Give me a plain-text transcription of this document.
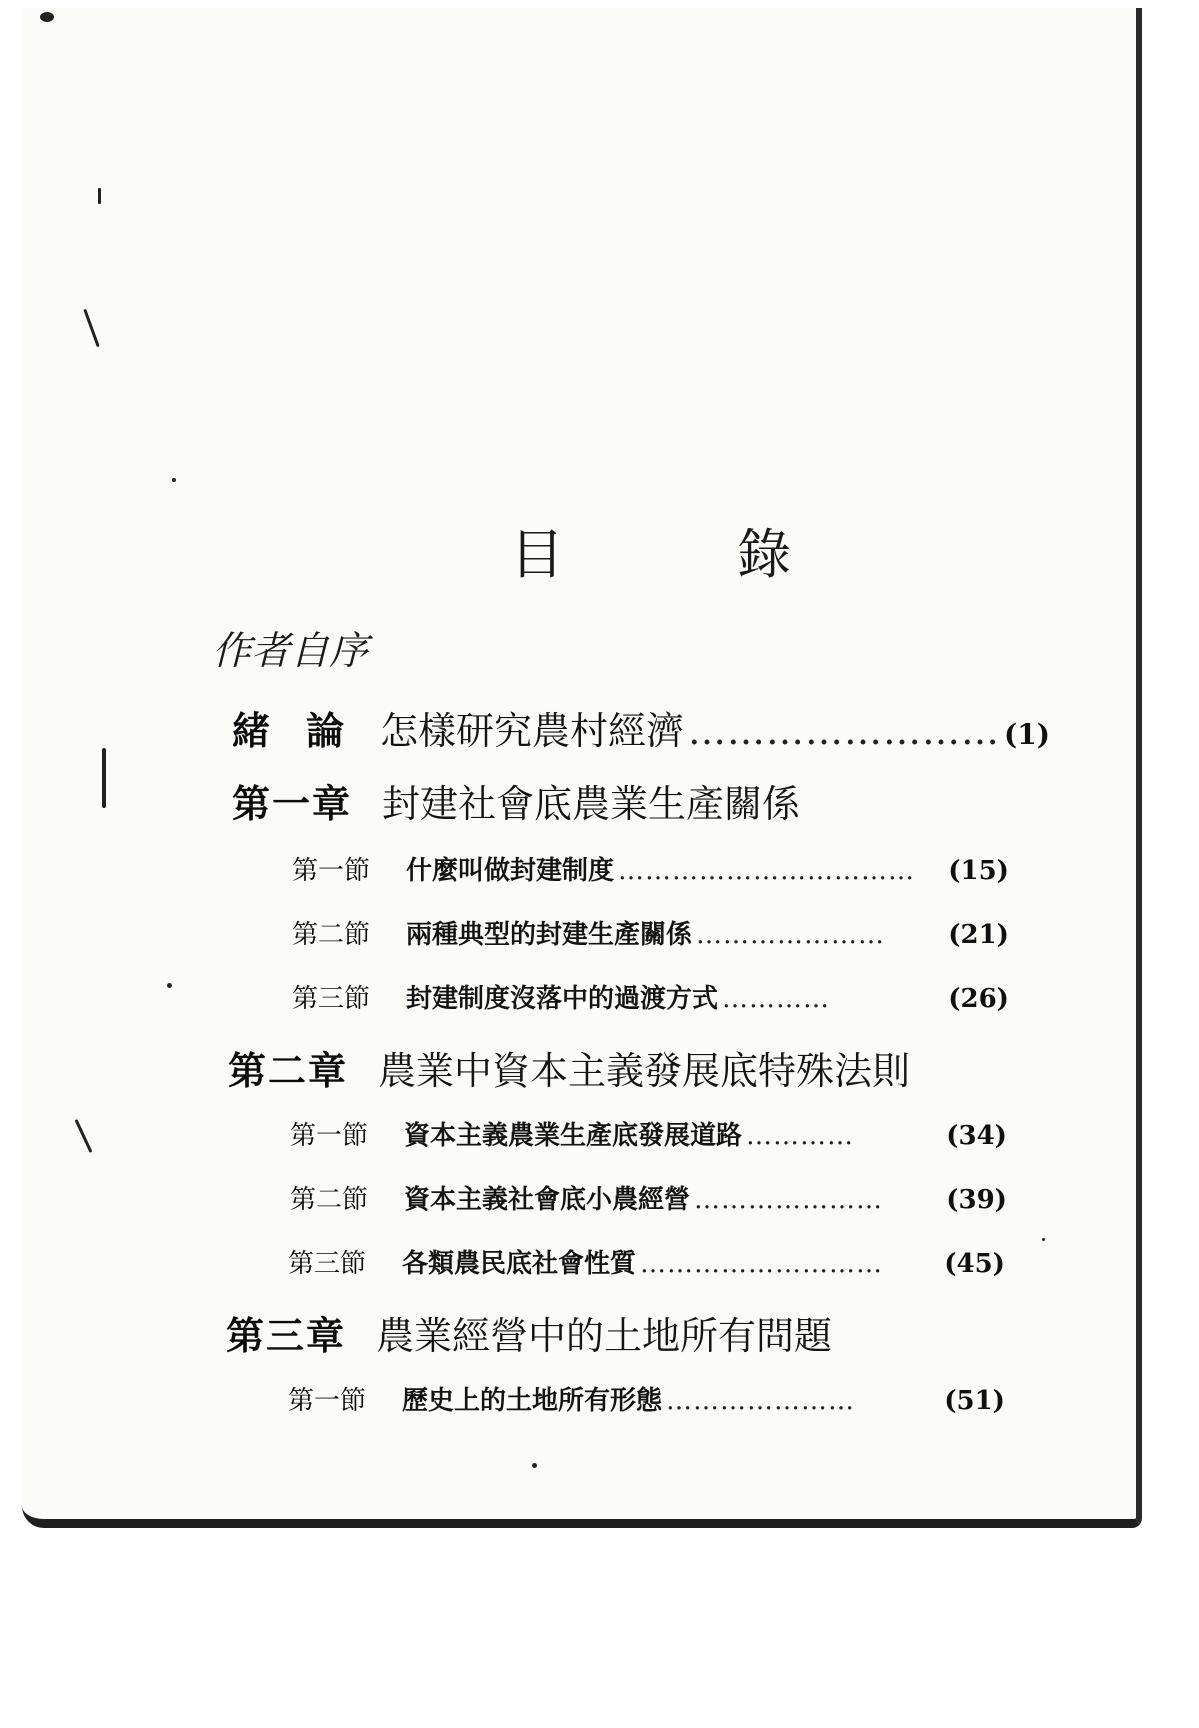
目 錄
作者自序
緒論 怎樣研究農村經濟 …………………… (1)
第一章 封建社會底農業生產關係
第一節	什麼叫做封建制度 ……………………………	(15)
第二節	兩種典型的封建生產關係 …………………	(21)
第三節	封建制度沒落中的過渡方式 …………	(26)
第二章 農業中資本主義發展底特殊法則
第一節	資本主義農業生產底發展道路 …………	(34)
第二節	資本主義社會底小農經營 …………………	(39)
第三節	各類農民底社會性質 ………………………	(45)
第三章 農業經營中的土地所有問題
第一節	歷史上的土地所有形態 …………………	(51)
